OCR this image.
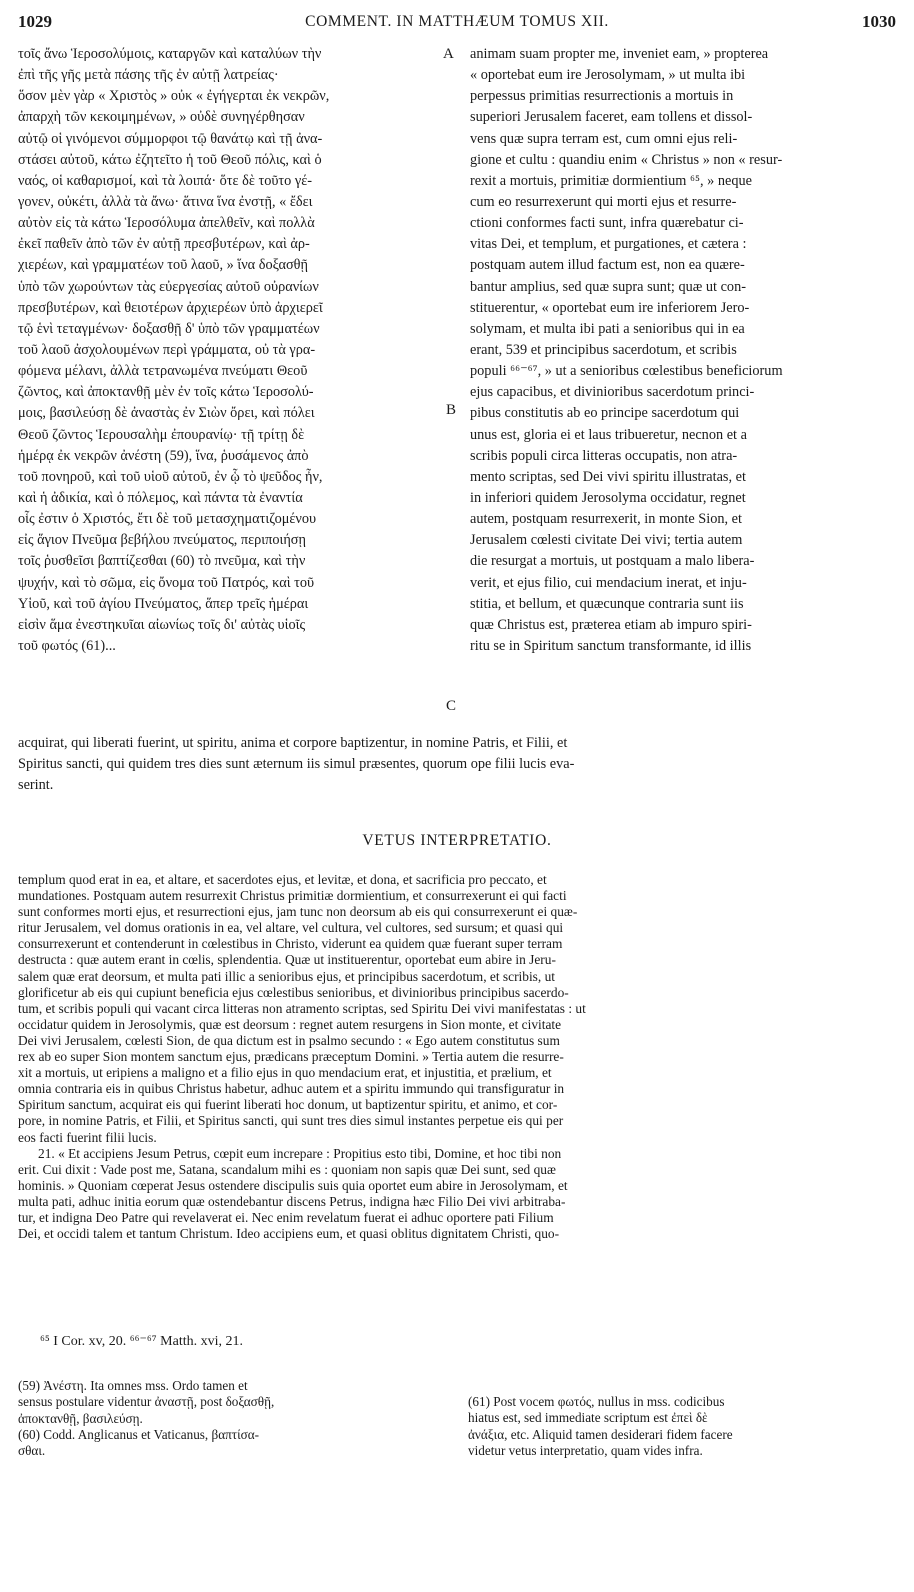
1029	COMMENT. IN MATTHÆUM TOMUS XII.	1030
A
B
C
τοῖς ἄνω Ἱεροσολύμοις, καταργῶν καὶ καταλύων τὴν
ἐπὶ τῆς γῆς μετὰ πάσης τῆς ἐν αὐτῇ λατρείας·
ὅσον μὲν γὰρ « Χριστὸς » οὐκ « ἐγήγερται ἐκ νεκρῶν,
ἀπαρχὴ τῶν κεκοιμημένων, » οὐδὲ συνηγέρθησαν
αὐτῷ οἱ γινόμενοι σύμμορφοι τῷ θανάτῳ καὶ τῇ ἀνα-
στάσει αὐτοῦ, κάτω ἐζητεῖτο ἡ τοῦ Θεοῦ πόλις, καὶ ὁ
ναός, οἱ καθαρισμοί, καὶ τὰ λοιπά· ὅτε δὲ τοῦτο γέ-
γονεν, οὐκέτι, ἀλλὰ τὰ ἄνω· ἅτινα ἵνα ἐνστῇ, « ἔδει
αὐτὸν εἰς τὰ κάτω Ἱεροσόλυμα ἀπελθεῖν, καὶ πολλὰ
ἐκεῖ παθεῖν ἀπὸ τῶν ἐν αὐτῇ πρεσβυτέρων, καὶ ἀρ-
χιερέων, καὶ γραμματέων τοῦ λαοῦ, » ἵνα δοξασθῇ
ὑπὸ τῶν χωρούντων τὰς εὐεργεσίας αὐτοῦ οὐρανίων
πρεσβυτέρων, καὶ θειοτέρων ἀρχιερέων ὑπὸ ἀρχιερεῖ
τῷ ἑνὶ τεταγμένων· δοξασθῇ δ' ὑπὸ τῶν γραμματέων
τοῦ λαοῦ ἀσχολουμένων περὶ γράμματα, οὐ τὰ γρα-
φόμενα μέλανι, ἀλλὰ τετρανωμένα πνεύματι Θεοῦ
ζῶντος, καὶ ἀποκτανθῇ μὲν ἐν τοῖς κάτω Ἱεροσολύ-
μοις, βασιλεύσῃ δὲ ἀναστὰς ἐν Σιὼν ὄρει, καὶ πόλει
Θεοῦ ζῶντος Ἱερουσαλὴμ ἐπουρανίῳ· τῇ τρίτῃ δὲ
ἡμέρᾳ ἐκ νεκρῶν ἀνέστη (59), ἵνα, ῥυσάμενος ἀπὸ
τοῦ πονηροῦ, καὶ τοῦ υἱοῦ αὐτοῦ, ἐν ᾧ τὸ ψεῦδος ἦν,
καὶ ἡ ἀδικία, καὶ ὁ πόλεμος, καὶ πάντα τὰ ἐναντία
οἷς ἐστιν ὁ Χριστός, ἔτι δὲ τοῦ μετασχηματιζομένου
εἰς ἅγιον Πνεῦμα βεβήλου πνεύματος, περιποιήσῃ
τοῖς ῥυσθεῖσι βαπτίζεσθαι (60) τὸ πνεῦμα, καὶ τὴν
ψυχήν, καὶ τὸ σῶμα, εἰς ὄνομα τοῦ Πατρός, καὶ τοῦ
Υἱοῦ, καὶ τοῦ ἁγίου Πνεύματος, ἅπερ τρεῖς ἡμέραι
εἰσὶν ἅμα ἐνεστηκυῖαι αἰωνίως τοῖς δι' αὐτὰς υἱοῖς
τοῦ φωτός (61)...
animam suam propter me, inveniet eam, » propterea
« oportebat eum ire Jerosolymam, » ut multa ibi
perpessus primitias resurrectionis a mortuis in
superiori Jerusalem faceret, eam tollens et dissol-
vens quæ supra terram est, cum omni ejus reli-
gione et cultu : quandiu enim « Christus » non « resur-
rexit a mortuis, primitiæ dormientium ⁶⁵, » neque
cum eo resurrexerunt qui morti ejus et resurre-
ctioni conformes facti sunt, infra quærebatur ci-
vitas Dei, et templum, et purgationes, et cætera :
postquam autem illud factum est, non ea quære-
bantur amplius, sed quæ supra sunt; quæ ut con-
stituerentur, « oportebat eum ire inferiorem Jero-
solymam, et multa ibi pati a senioribus qui in ea
erant, 539 et principibus sacerdotum, et scribis
populi ⁶⁶⁻⁶⁷, » ut a senioribus cœlestibus beneficiorum
ejus capacibus, et divinioribus sacerdotum princi-
pibus constitutis ab eo principe sacerdotum qui
unus est, gloria ei et laus tribueretur, necnon et a
scribis populi circa litteras occupatis, non atra-
mento scriptas, sed Dei vivi spiritu illustratas, et
in inferiori quidem Jerosolyma occidatur, regnet
autem, postquam resurrexerit, in monte Sion, et
Jerusalem cœlesti civitate Dei vivi; tertia autem
die resurgat a mortuis, ut postquam a malo libera-
verit, et ejus filio, cui mendacium inerat, et inju-
stitia, et bellum, et quæcunque contraria sunt iis
quæ Christus est, præterea etiam ab impuro spiri-
ritu se in Spiritum sanctum transformante, id illis
acquirat, qui liberati fuerint, ut spiritu, anima et corpore baptizentur, in nomine Patris, et Filii, et
Spiritus sancti, qui quidem tres dies sunt æternum iis simul præsentes, quorum ope filii lucis eva-
serint.
VETUS INTERPRETATIO.
templum quod erat in ea, et altare, et sacerdotes ejus, et levitæ, et dona, et sacrificia pro peccato, et
mundationes. Postquam autem resurrexit Christus primitiæ dormientium, et consurrexerunt ei qui facti
sunt conformes morti ejus, et resurrectioni ejus, jam tunc non deorsum ab eis qui consurrexerunt ei quæ-
ritur Jerusalem, vel domus orationis in ea, vel altare, vel cultura, vel cultores, sed sursum; et quasi qui
consurrexerunt et contenderunt in cœlestibus in Christo, viderunt ea quidem quæ fuerant super terram
destructa : quæ autem erant in cœlis, splendentia. Quæ ut instituerentur, oportebat eum abire in Jeru-
salem quæ erat deorsum, et multa pati illic a senioribus ejus, et principibus sacerdotum, et scribis, ut
glorificetur ab eis qui cupiunt beneficia ejus cœlestibus senioribus, et divinioribus principibus sacerdo-
tum, et scribis populi qui vacant circa litteras non atramento scriptas, sed Spiritu Dei vivi manifestatas : ut
occidatur quidem in Jerosolymis, quæ est deorsum : regnet autem resurgens in Sion monte, et civitate
Dei vivi Jerusalem, cœlesti Sion, de qua dictum est in psalmo secundo : « Ego autem constitutus sum
rex ab eo super Sion montem sanctum ejus, prædicans præceptum Domini. » Tertia autem die resurre-
xit a mortuis, ut eripiens a maligno et a filio ejus in quo mendacium erat, et injustitia, et prælium, et
omnia contraria eis in quibus Christus habetur, adhuc autem et a spiritu immundo qui transfiguratur in
Spiritum sanctum, acquirat eis qui fuerint liberati hoc donum, ut baptizentur spiritu, et animo, et cor-
pore, in nomine Patris, et Filii, et Spiritus sancti, qui sunt tres dies simul instantes perpetue eis qui per
eos facti fuerint filii lucis.
21. « Et accipiens Jesum Petrus, cœpit eum increpare : Propitius esto tibi, Domine, et hoc tibi non
erit. Cui dixit : Vade post me, Satana, scandalum mihi es : quoniam non sapis quæ Dei sunt, sed quæ
hominis. » Quoniam cœperat Jesus ostendere discipulis suis quia oportet eum abire in Jerosolymam, et
multa pati, adhuc initia eorum quæ ostendebantur discens Petrus, indigna hæc Filio Dei vivi arbitraba-
tur, et indigna Deo Patre qui revelaverat ei. Nec enim revelatum fuerat ei adhuc oportere pati Filium
Dei, et occidi talem et tantum Christum. Ideo accipiens eum, et quasi oblitus dignitatem Christi, quo-
⁶⁵ I Cor. xv, 20. ⁶⁶⁻⁶⁷ Matth. xvi, 21.
(59) Ἀνέστη. Ita omnes mss. Ordo tamen et
sensus postulare videntur ἀναστῇ, post δοξασθῇ,
ἀποκτανθῇ, βασιλεύσῃ.
(60) Codd. Anglicanus et Vaticanus, βαπτίσα-
σθαι.
(61) Post vocem φωτός, nullus in mss. codicibus
hiatus est, sed immediate scriptum est ἐπεὶ δὲ
ἀνάξια, etc. Aliquid tamen desiderari fidem facere
videtur vetus interpretatio, quam vides infra.
